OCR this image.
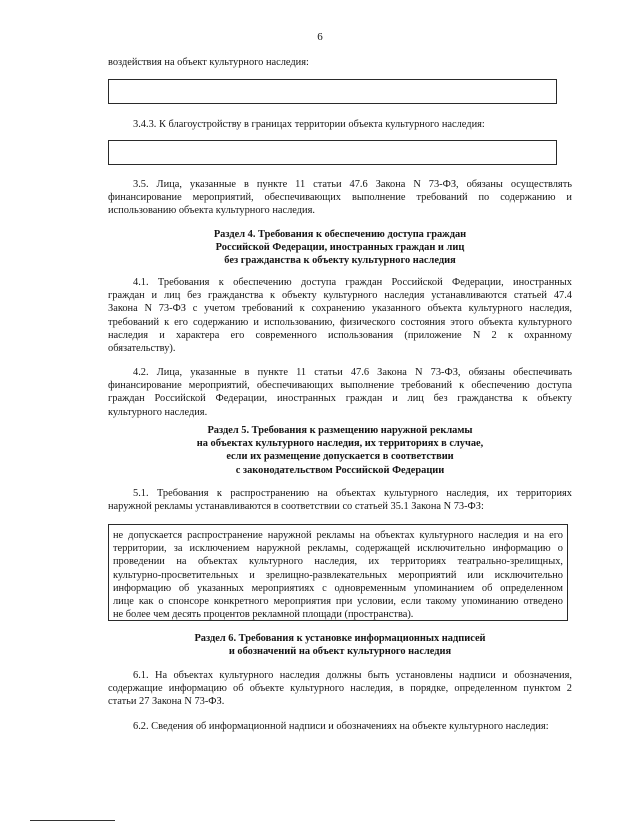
6
воздействия на объект культурного наследия:
3.4.3. К благоустройству в границах территории объекта культурного наследия:
3.5. Лица, указанные в пункте 11 статьи 47.6 Закона N 73-ФЗ, обязаны осуществлять
финансирование мероприятий, обеспечивающих выполнение требований по содержанию и
использованию объекта культурного наследия.
Раздел 4. Требования к обеспечению доступа граждан
Российской Федерации, иностранных граждан и лиц
без гражданства к объекту культурного наследия
4.1. Требования к обеспечению доступа граждан Российской Федерации, иностранных
граждан и лиц без гражданства к объекту культурного наследия устанавливаются статьей 47.4
Закона N 73-ФЗ с учетом требований к сохранению указанного объекта культурного наследия,
требований к его содержанию и использованию, физического состояния этого объекта культурного
наследия и характера его современного использования (приложение N 2 к охранному
обязательству).
4.2. Лица, указанные в пункте 11 статьи 47.6 Закона N 73-ФЗ, обязаны обеспечивать
финансирование мероприятий, обеспечивающих выполнение требований к обеспечению доступа
граждан Российской Федерации, иностранных граждан и лиц без гражданства к объекту
культурного наследия.
Раздел 5. Требования к размещению наружной рекламы
на объектах культурного наследия, их территориях в случае,
если их размещение допускается в соответствии
с законодательством Российской Федерации
5.1. Требования к распространению на объектах культурного наследия, их территориях
наружной рекламы устанавливаются в соответствии со статьей 35.1 Закона N 73-ФЗ:
не допускается распространение наружной рекламы на объектах культурного наследия и на его
территории, за исключением наружной рекламы, содержащей исключительно информацию о
проведении на объектах культурного наследия, их территориях театрально-зрелищных,
культурно-просветительных и зрелищно-развлекательных мероприятий или исключительно
информацию об указанных мероприятиях с одновременным упоминанием об определенном
лице как о спонсоре конкретного мероприятия при условии, если такому упоминанию отведено
не более чем десять процентов рекламной площади (пространства).
Раздел 6. Требования к установке информационных надписей
и обозначений на объект культурного наследия
6.1. На объектах культурного наследия должны быть установлены надписи и обозначения,
содержащие информацию об объекте культурного наследия, в порядке, определенном пунктом 2
статьи 27 Закона N 73-ФЗ.
6.2. Сведения об информационной надписи и обозначениях на объекте культурного наследия:
